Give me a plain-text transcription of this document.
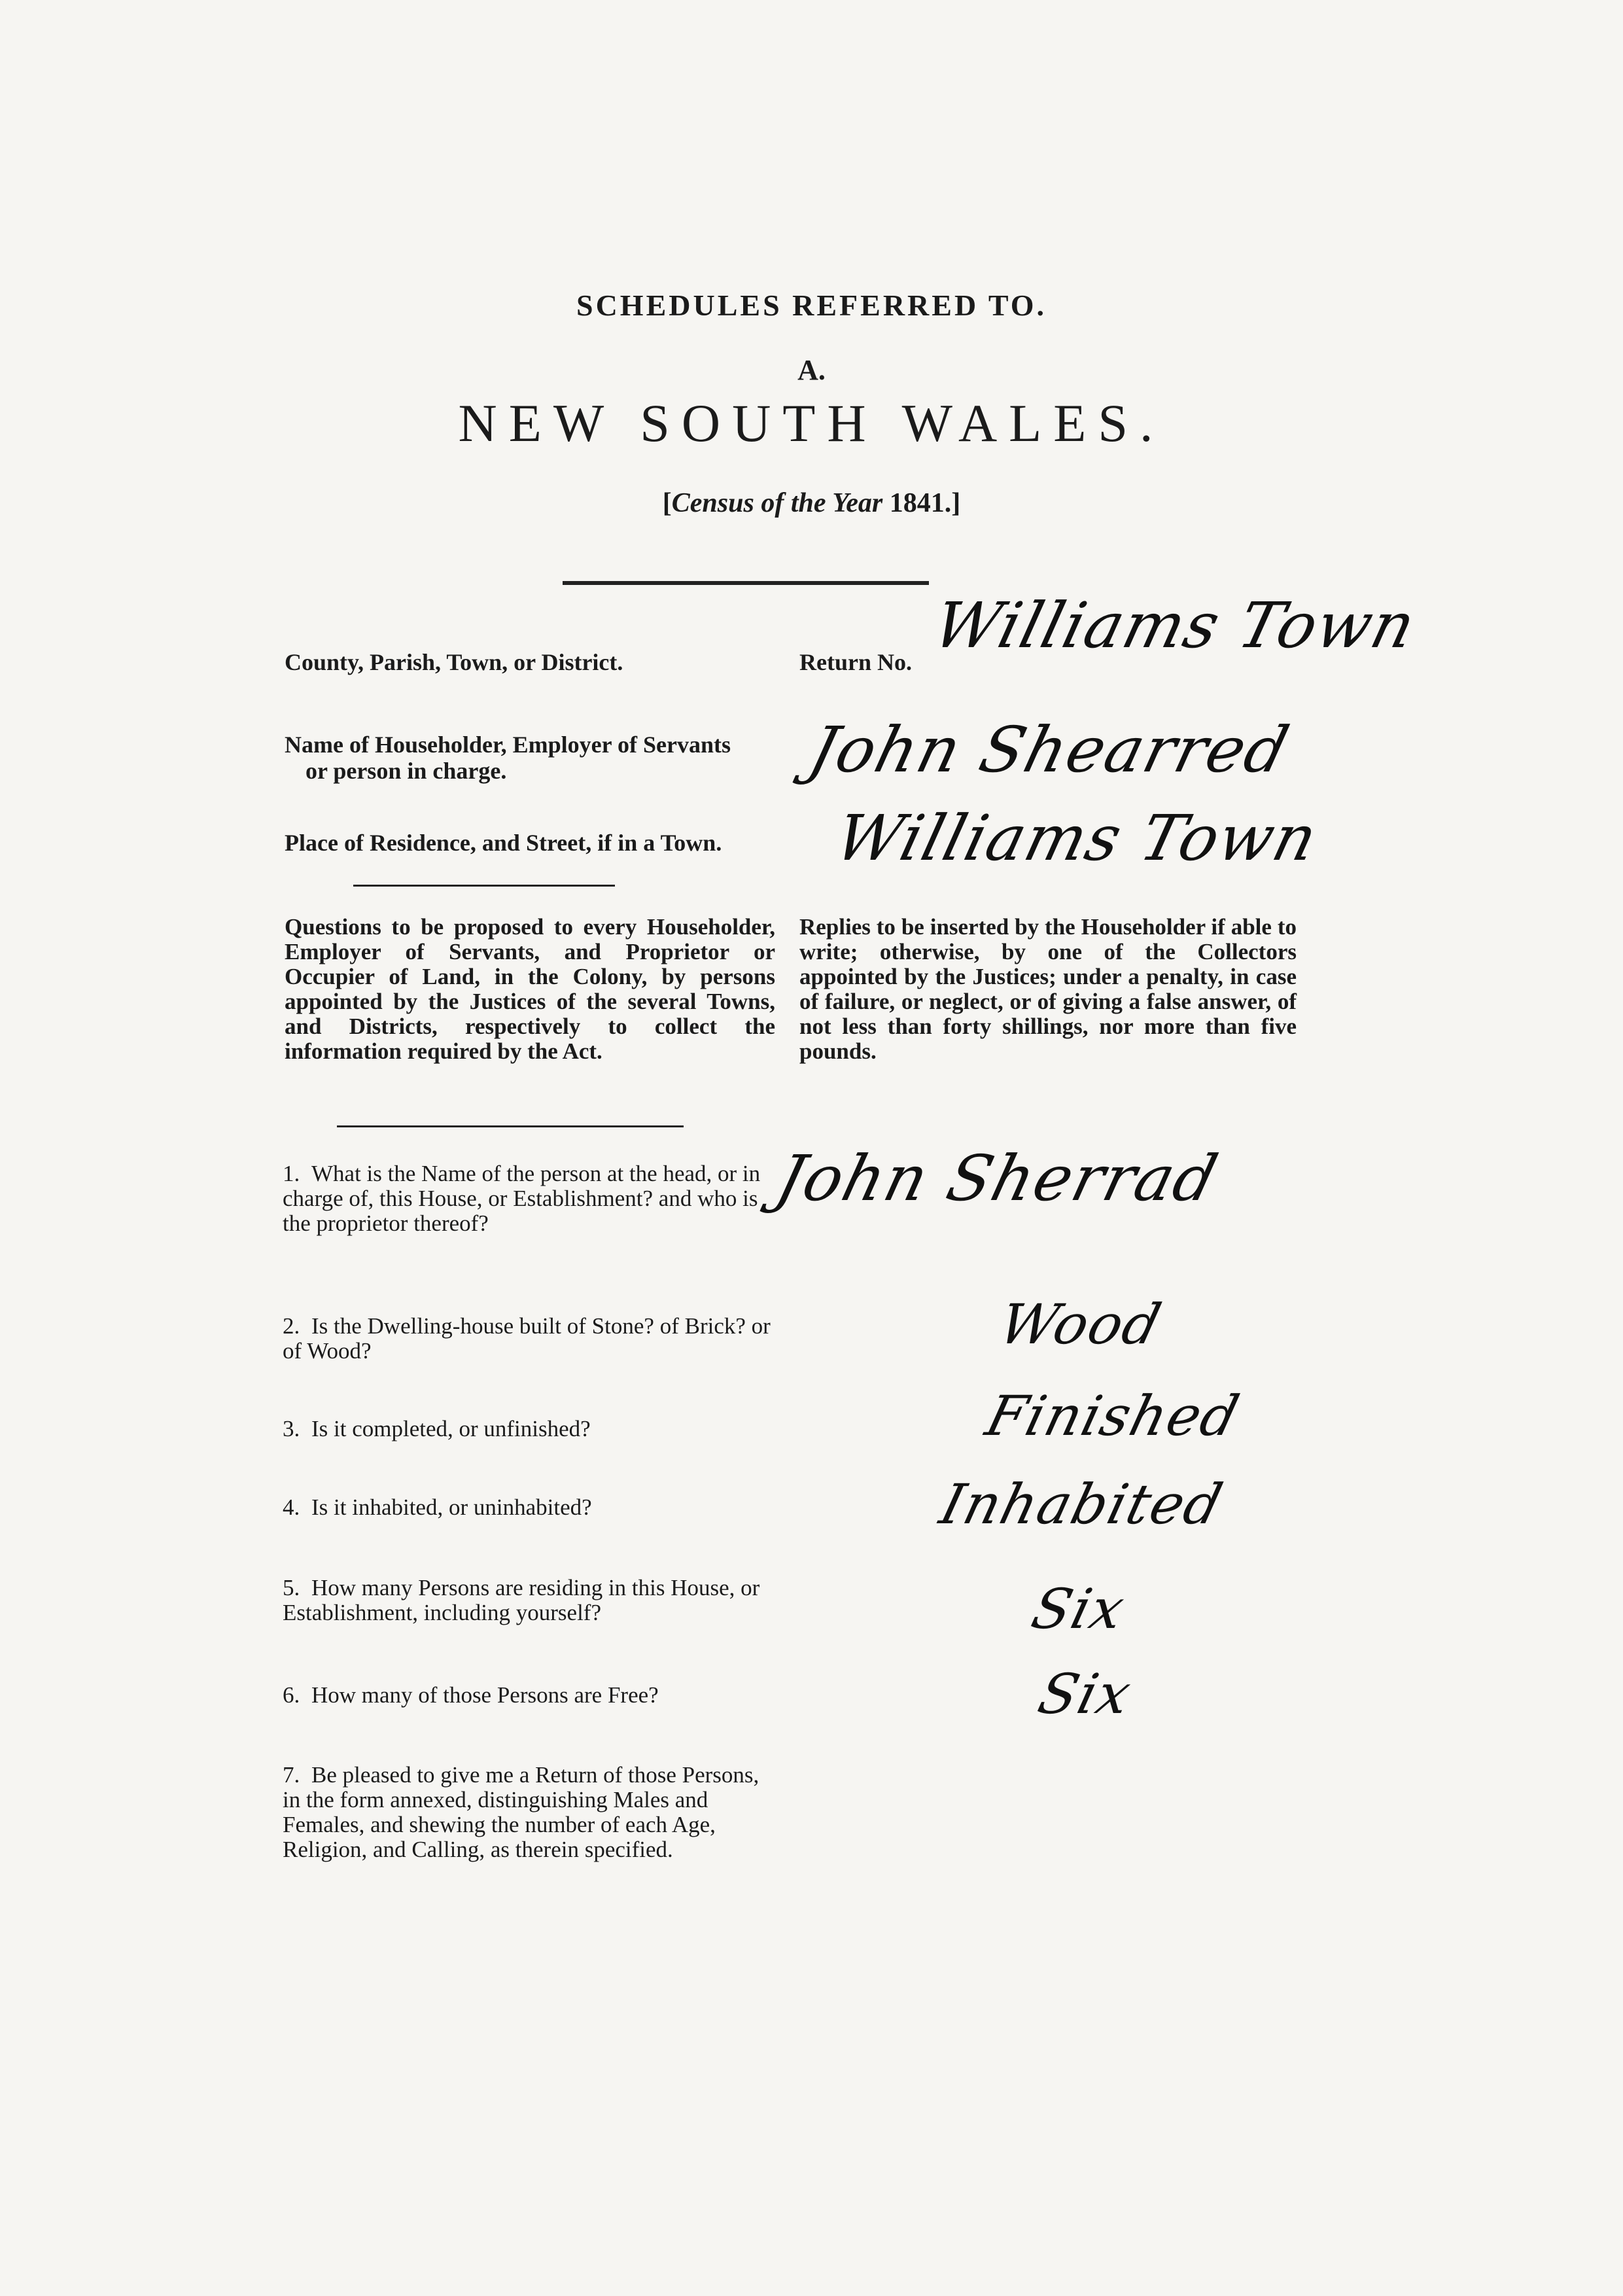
SCHEDULES REFERRED TO.
A.
NEW SOUTH WALES.
[Census of the Year 1841.]
County, Parish, Town, or District.	Return No. Williams Town
Name of Householder, Employer of Servants
or person in charge.	John Shearred
Place of Residence, and Street, if in a Town. Williams Town
Questions to be proposed to every Householder, Employer of Servants, and Proprietor or Occupier of Land, in the Colony, by persons appointed by the Justices of the several Towns, and Districts, respectively to collect the information required by the Act.
Replies to be inserted by the Householder if able to write; otherwise, by one of the Collectors appointed by the Justices; under a penalty, in case of failure, or neglect, or of giving a false answer, of not less than forty shillings, nor more than five pounds.
1. What is the Name of the person at the head, or in charge of, this House, or Establishment? and who is the proprietor thereof?
John Sherrad
2. Is the Dwelling-house built of Stone? of Brick? or of Wood?	Wood
3. Is it completed, or unfinished?	Finished
4. Is it inhabited, or uninhabited?	Inhabited
5. How many Persons are residing in this House, or Establishment, including yourself?	Six
6. How many of those Persons are Free?	Six
7. Be pleased to give me a Return of those Persons, in the form annexed, distinguishing Males and Females, and shewing the number of each Age, Religion, and Calling, as therein specified.
